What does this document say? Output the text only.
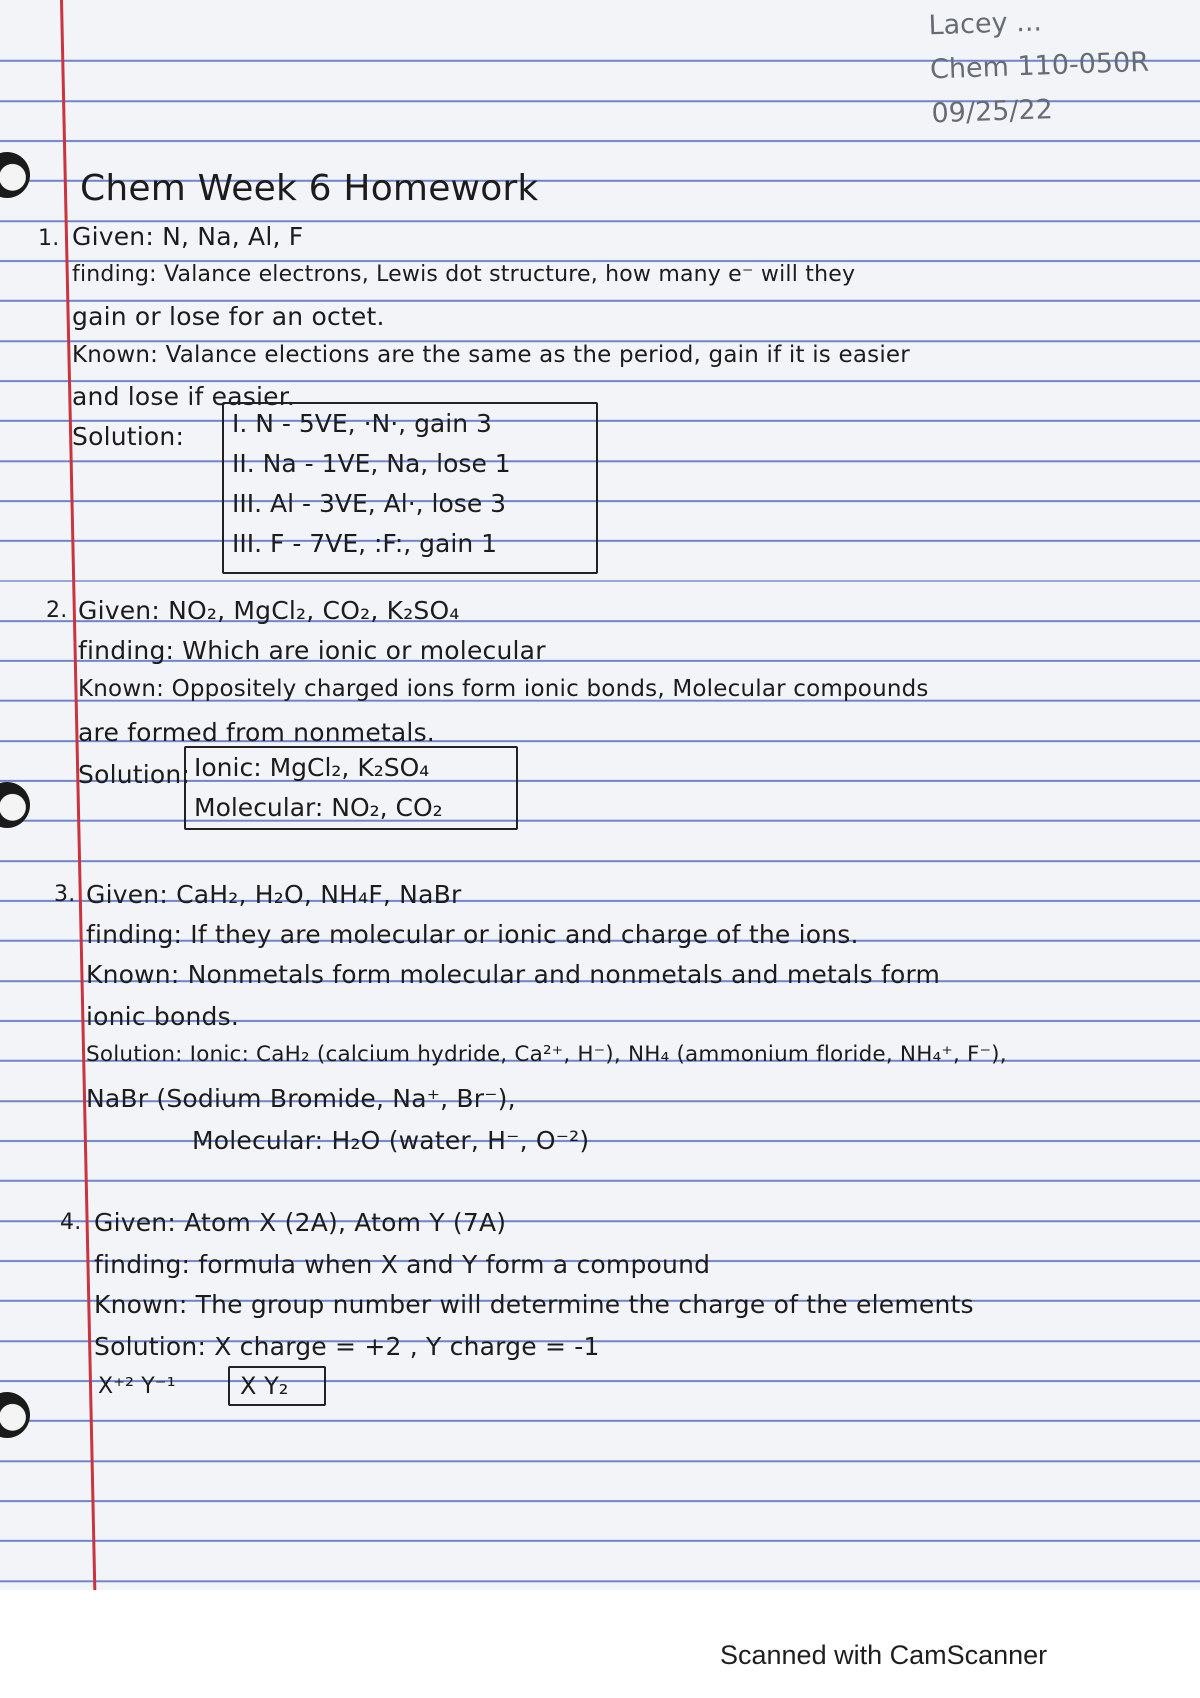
Lacey ...
Chem 110-050R
09/25/22
Chem Week 6 Homework
1. Given: N, Na, Al, F
finding: Valance electrons, Lewis dot structure, how many e⁻ will they
gain or lose for an octet.
Known: Valance elections are the same as the period, gain if it is easier
and lose if easier.
Solution:	I. N - 5VE, ·N·, gain 3
II. Na - 1VE, Na, lose 1
III. Al - 3VE, Al·, lose 3
III. F - 7VE, :F:, gain 1
2. Given: NO₂, MgCl₂, CO₂, K₂SO₄
finding: Which are ionic or molecular
Known: Oppositely charged ions form ionic bonds, Molecular compounds
are formed from nonmetals.
Solution: Ionic: MgCl₂, K₂SO₄
Molecular: NO₂, CO₂
3. Given: CaH₂, H₂O, NH₄F, NaBr
finding: If they are molecular or ionic and charge of the ions.
Known: Nonmetals form molecular and nonmetals and metals form
ionic bonds.
Solution: Ionic: CaH₂ (calcium hydride, Ca²⁺, H⁻), NH₄ (ammonium floride, NH₄⁺, F⁻),
NaBr (Sodium Bromide, Na⁺, Br⁻),
Molecular: H₂O (water, H⁻, O⁻²)
4. Given: Atom X (2A), Atom Y (7A)
finding: formula when X and Y form a compound
Known: The group number will determine the charge of the elements
Solution: X charge = +2 , Y charge = -1
X⁺² Y⁻¹	X Y₂
Scanned with CamScanner
